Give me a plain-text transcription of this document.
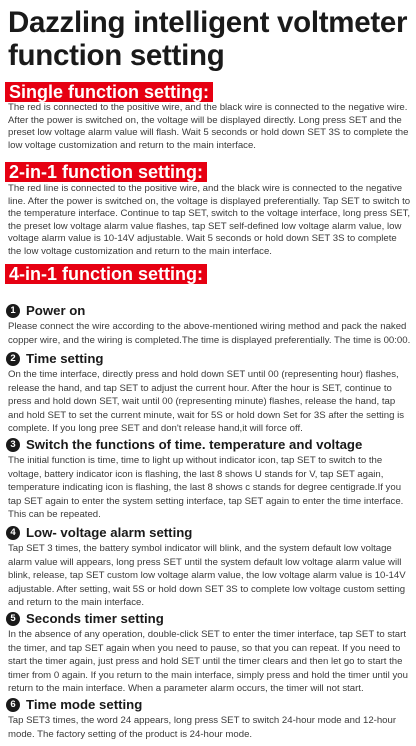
Dazzling intelligent voltmeter
function setting
Single function setting:

The red is connected to the positive wire, and the black wire is connected to the negative wire. After the power is switched on, the voltage will be displayed directly. Long press SET and the preset low voltage alarm value will flash. Wait 5 seconds or hold down SET 3S to complete the low voltage customization and return to the main interface.

2-in-1 function setting:

The red line is connected to the positive wire, and the black wire is connected to the negative line. After the power is switched on, the voltage is displayed preferentially. Tap SET to switch to the temperature interface. Continue to tap SET, switch to the voltage interface, long press SET, the preset low voltage alarm value flashes, tap SET self-defined low voltage alarm value, low voltage alarm value is 10-14V adjustable. Wait 5 seconds or hold down SET 3S to complete the low voltage customization and return to the main interface.

4-in-1 function setting:
1 Power on

Please connect the wire according to the above-mentioned wiring method and pack the naked copper wire, and the wiring is completed.The time is displayed preferentially. The time is 00:00.

2 Time setting

On the time interface, directly press and hold down SET until 00 (representing hour) flashes, release the hand, and tap SET to adjust the current hour. After the hour is SET, continue to press and hold down SET, wait until 00 (representing minute) flashes, release the hand, tap and hold SET to set the current minute, wait for 5S or hold down Set for 3S after the setting is complete. If you long pree SET and don't release hand,it will force off.

3 Switch the functions of time. temperature and voltage

The initial function is time, time to light up without indicator icon, tap SET to switch to the voltage, battery indicator icon is flashing, the last 8 shows U stands for V, tap SET again, temperature indicating icon is flashing, the last 8 shows c stands for degree centigrade.If you tap SET again to enter the system setting interface, tap SET again to enter the time interface. This can be repeated.

4 Low- voltage alarm setting

Tap SET 3 times, the battery symbol indicator will blink, and the system default low voltage alarm value will appears, long press SET until the system default low voltage alarm value will blink, release, tap SET custom low voltage alarm value, the low voltage alarm value is 10-14V adjustable. After setting, wait 5S or hold down SET 3S to complete low voltage custom setting and return to the main interface.

5 Seconds timer setting

In the absence of any operation, double-click SET to enter the timer interface, tap SET to start the timer, and tap SET again when you need to pause, so that you can repeat. If you need to start the timer again, just press and hold SET until the timer clears and then let go to start the timer from 0 again. If you return to the main interface, simply press and hold the timer until you return to the main interface. When a parameter alarm occurs, the timer will not start.

6 Time mode setting

Tap SET3 times, the word 24 appears, long press SET to switch 24-hour mode and 12-hour mode. The factory setting of the product is 24-hour mode.
